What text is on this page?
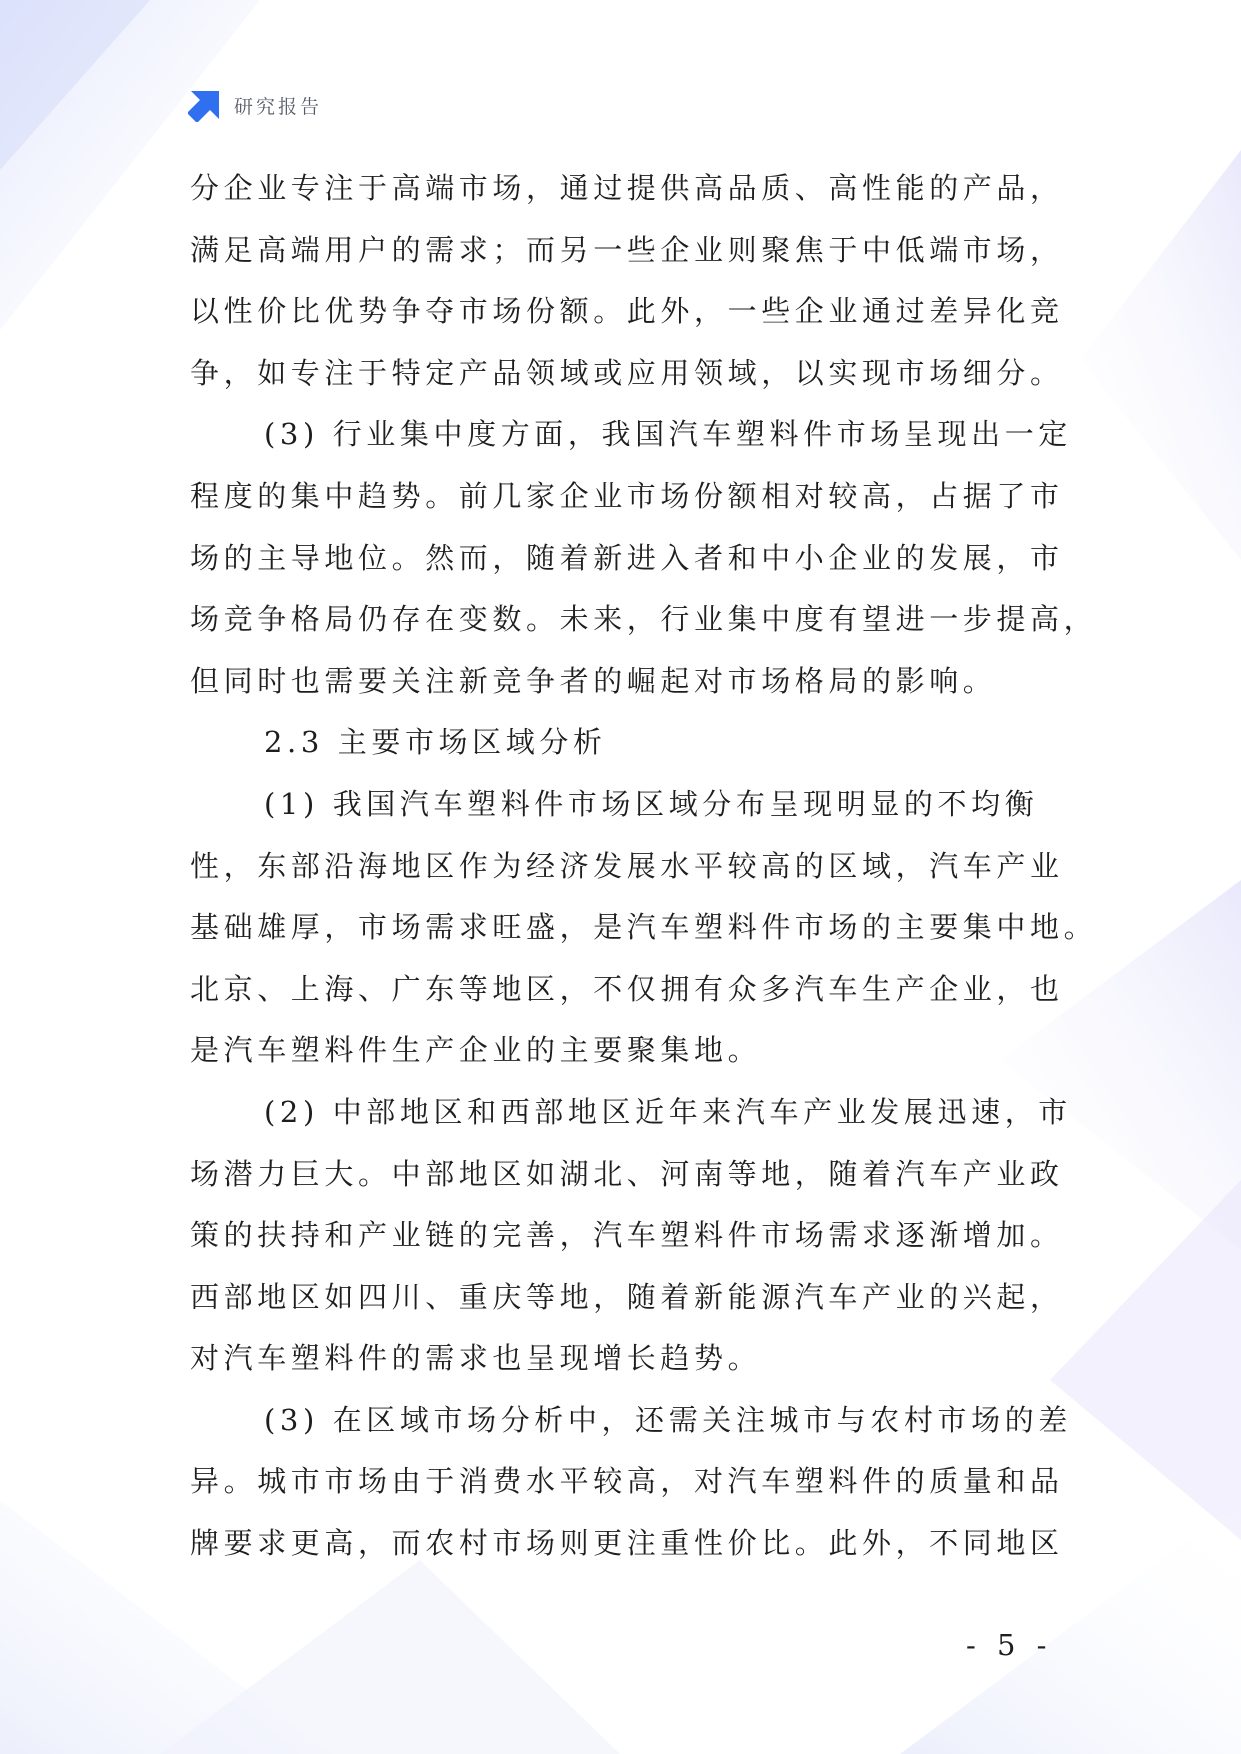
研究报告
分企业专注于高端市场，通过提供高品质、高性能的产品，
满足高端用户的需求；而另一些企业则聚焦于中低端市场，
以性价比优势争夺市场份额。此外，一些企业通过差异化竞
争，如专注于特定产品领域或应用领域，以实现市场细分。
(3) 行业集中度方面，我国汽车塑料件市场呈现出一定
程度的集中趋势。前几家企业市场份额相对较高，占据了市
场的主导地位。然而，随着新进入者和中小企业的发展，市
场竞争格局仍存在变数。未来，行业集中度有望进一步提高，
但同时也需要关注新竞争者的崛起对市场格局的影响。
2.3 主要市场区域分析
(1) 我国汽车塑料件市场区域分布呈现明显的不均衡
性，东部沿海地区作为经济发展水平较高的区域，汽车产业
基础雄厚，市场需求旺盛，是汽车塑料件市场的主要集中地。
北京、上海、广东等地区，不仅拥有众多汽车生产企业，也
是汽车塑料件生产企业的主要聚集地。
(2) 中部地区和西部地区近年来汽车产业发展迅速，市
场潜力巨大。中部地区如湖北、河南等地，随着汽车产业政
策的扶持和产业链的完善，汽车塑料件市场需求逐渐增加。
西部地区如四川、重庆等地，随着新能源汽车产业的兴起，
对汽车塑料件的需求也呈现增长趋势。
(3) 在区域市场分析中，还需关注城市与农村市场的差
异。城市市场由于消费水平较高，对汽车塑料件的质量和品
牌要求更高，而农村市场则更注重性价比。此外，不同地区
- 5 -
